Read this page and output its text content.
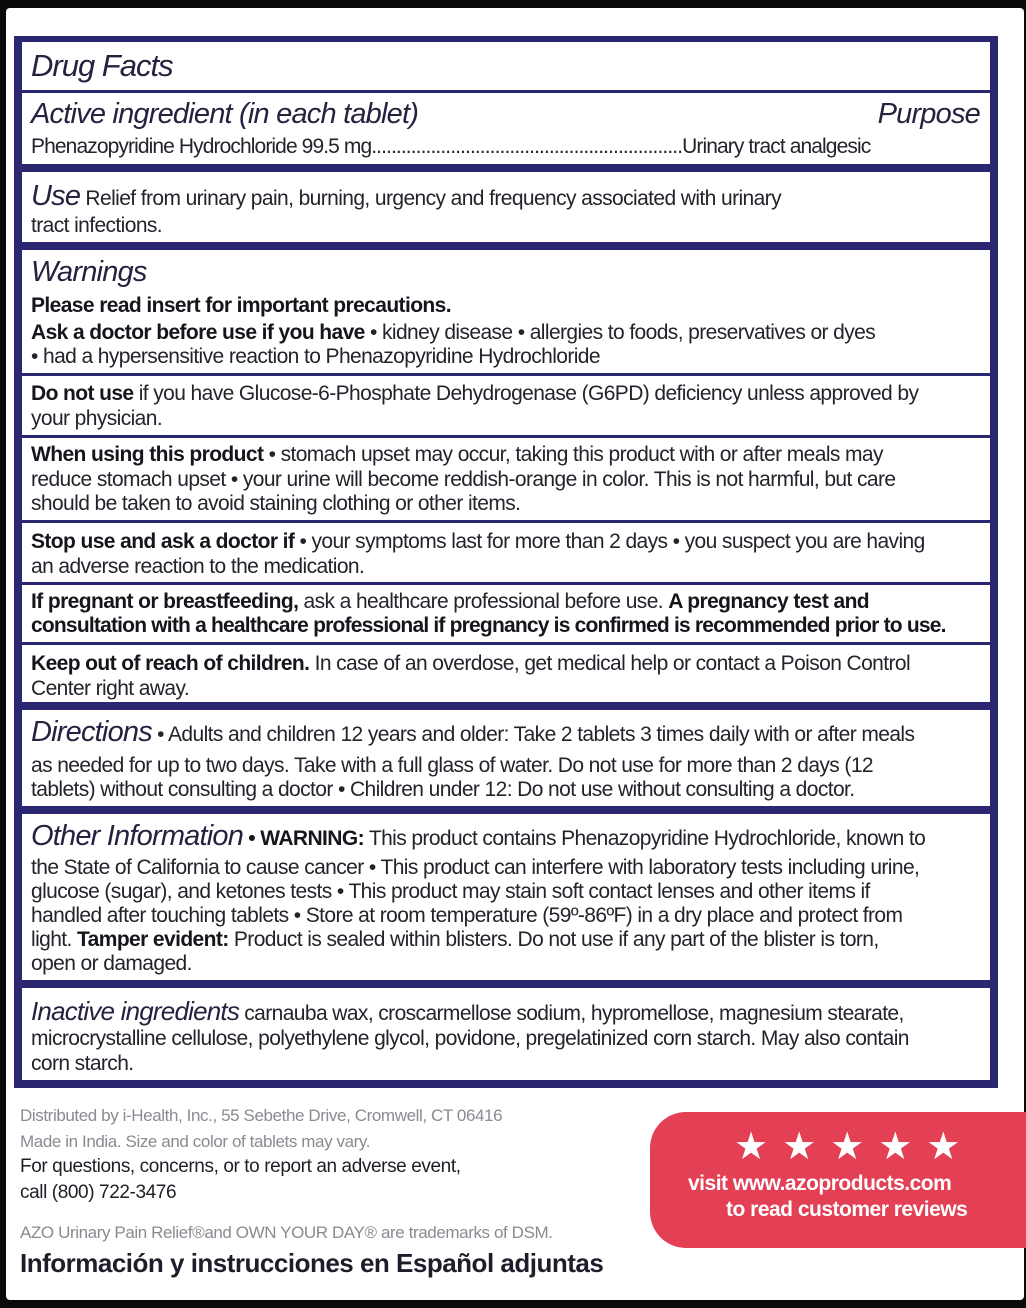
Drug Facts
Active ingredient (in each tablet)	Purpose
Phenazopyridine Hydrochloride 99.5 mg...............................................................Urinary tract analgesic
Use Relief from urinary pain, burning, urgency and frequency associated with urinary
tract infections.
Warnings
Please read insert for important precautions.
Ask a doctor before use if you have • kidney disease • allergies to foods, preservatives or dyes
• had a hypersensitive reaction to Phenazopyridine Hydrochloride
Do not use if you have Glucose-6-Phosphate Dehydrogenase (G6PD) deficiency unless approved by
your physician.
When using this product • stomach upset may occur, taking this product with or after meals may
reduce stomach upset • your urine will become reddish-orange in color. This is not harmful, but care
should be taken to avoid staining clothing or other items.
Stop use and ask a doctor if • your symptoms last for more than 2 days • you suspect you are having
an adverse reaction to the medication.
If pregnant or breastfeeding, ask a healthcare professional before use. A pregnancy test and
consultation with a healthcare professional if pregnancy is confirmed is recommended prior to use.
Keep out of reach of children. In case of an overdose, get medical help or contact a Poison Control
Center right away.
Directions • Adults and children 12 years and older: Take 2 tablets 3 times daily with or after meals
as needed for up to two days. Take with a full glass of water. Do not use for more than 2 days (12
tablets) without consulting a doctor • Children under 12: Do not use without consulting a doctor.
Other Information • WARNING: This product contains Phenazopyridine Hydrochloride, known to
the State of California to cause cancer • This product can interfere with laboratory tests including urine,
glucose (sugar), and ketones tests • This product may stain soft contact lenses and other items if
handled after touching tablets • Store at room temperature (59º-86ºF) in a dry place and protect from
light. Tamper evident: Product is sealed within blisters. Do not use if any part of the blister is torn,
open or damaged.
Inactive ingredients carnauba wax, croscarmellose sodium, hypromellose, magnesium stearate,
microcrystalline cellulose, polyethylene glycol, povidone, pregelatinized corn starch. May also contain
corn starch.
Distributed by i-Health, Inc., 55 Sebethe Drive, Cromwell, CT 06416
Made in India. Size and color of tablets may vary.
For questions, concerns, or to report an adverse event,
call (800) 722-3476
AZO Urinary Pain Relief®and OWN YOUR DAY® are trademarks of DSM.
Información y instrucciones en Español adjuntas
★★★★★
visit www.azoproducts.com
to read customer reviews
